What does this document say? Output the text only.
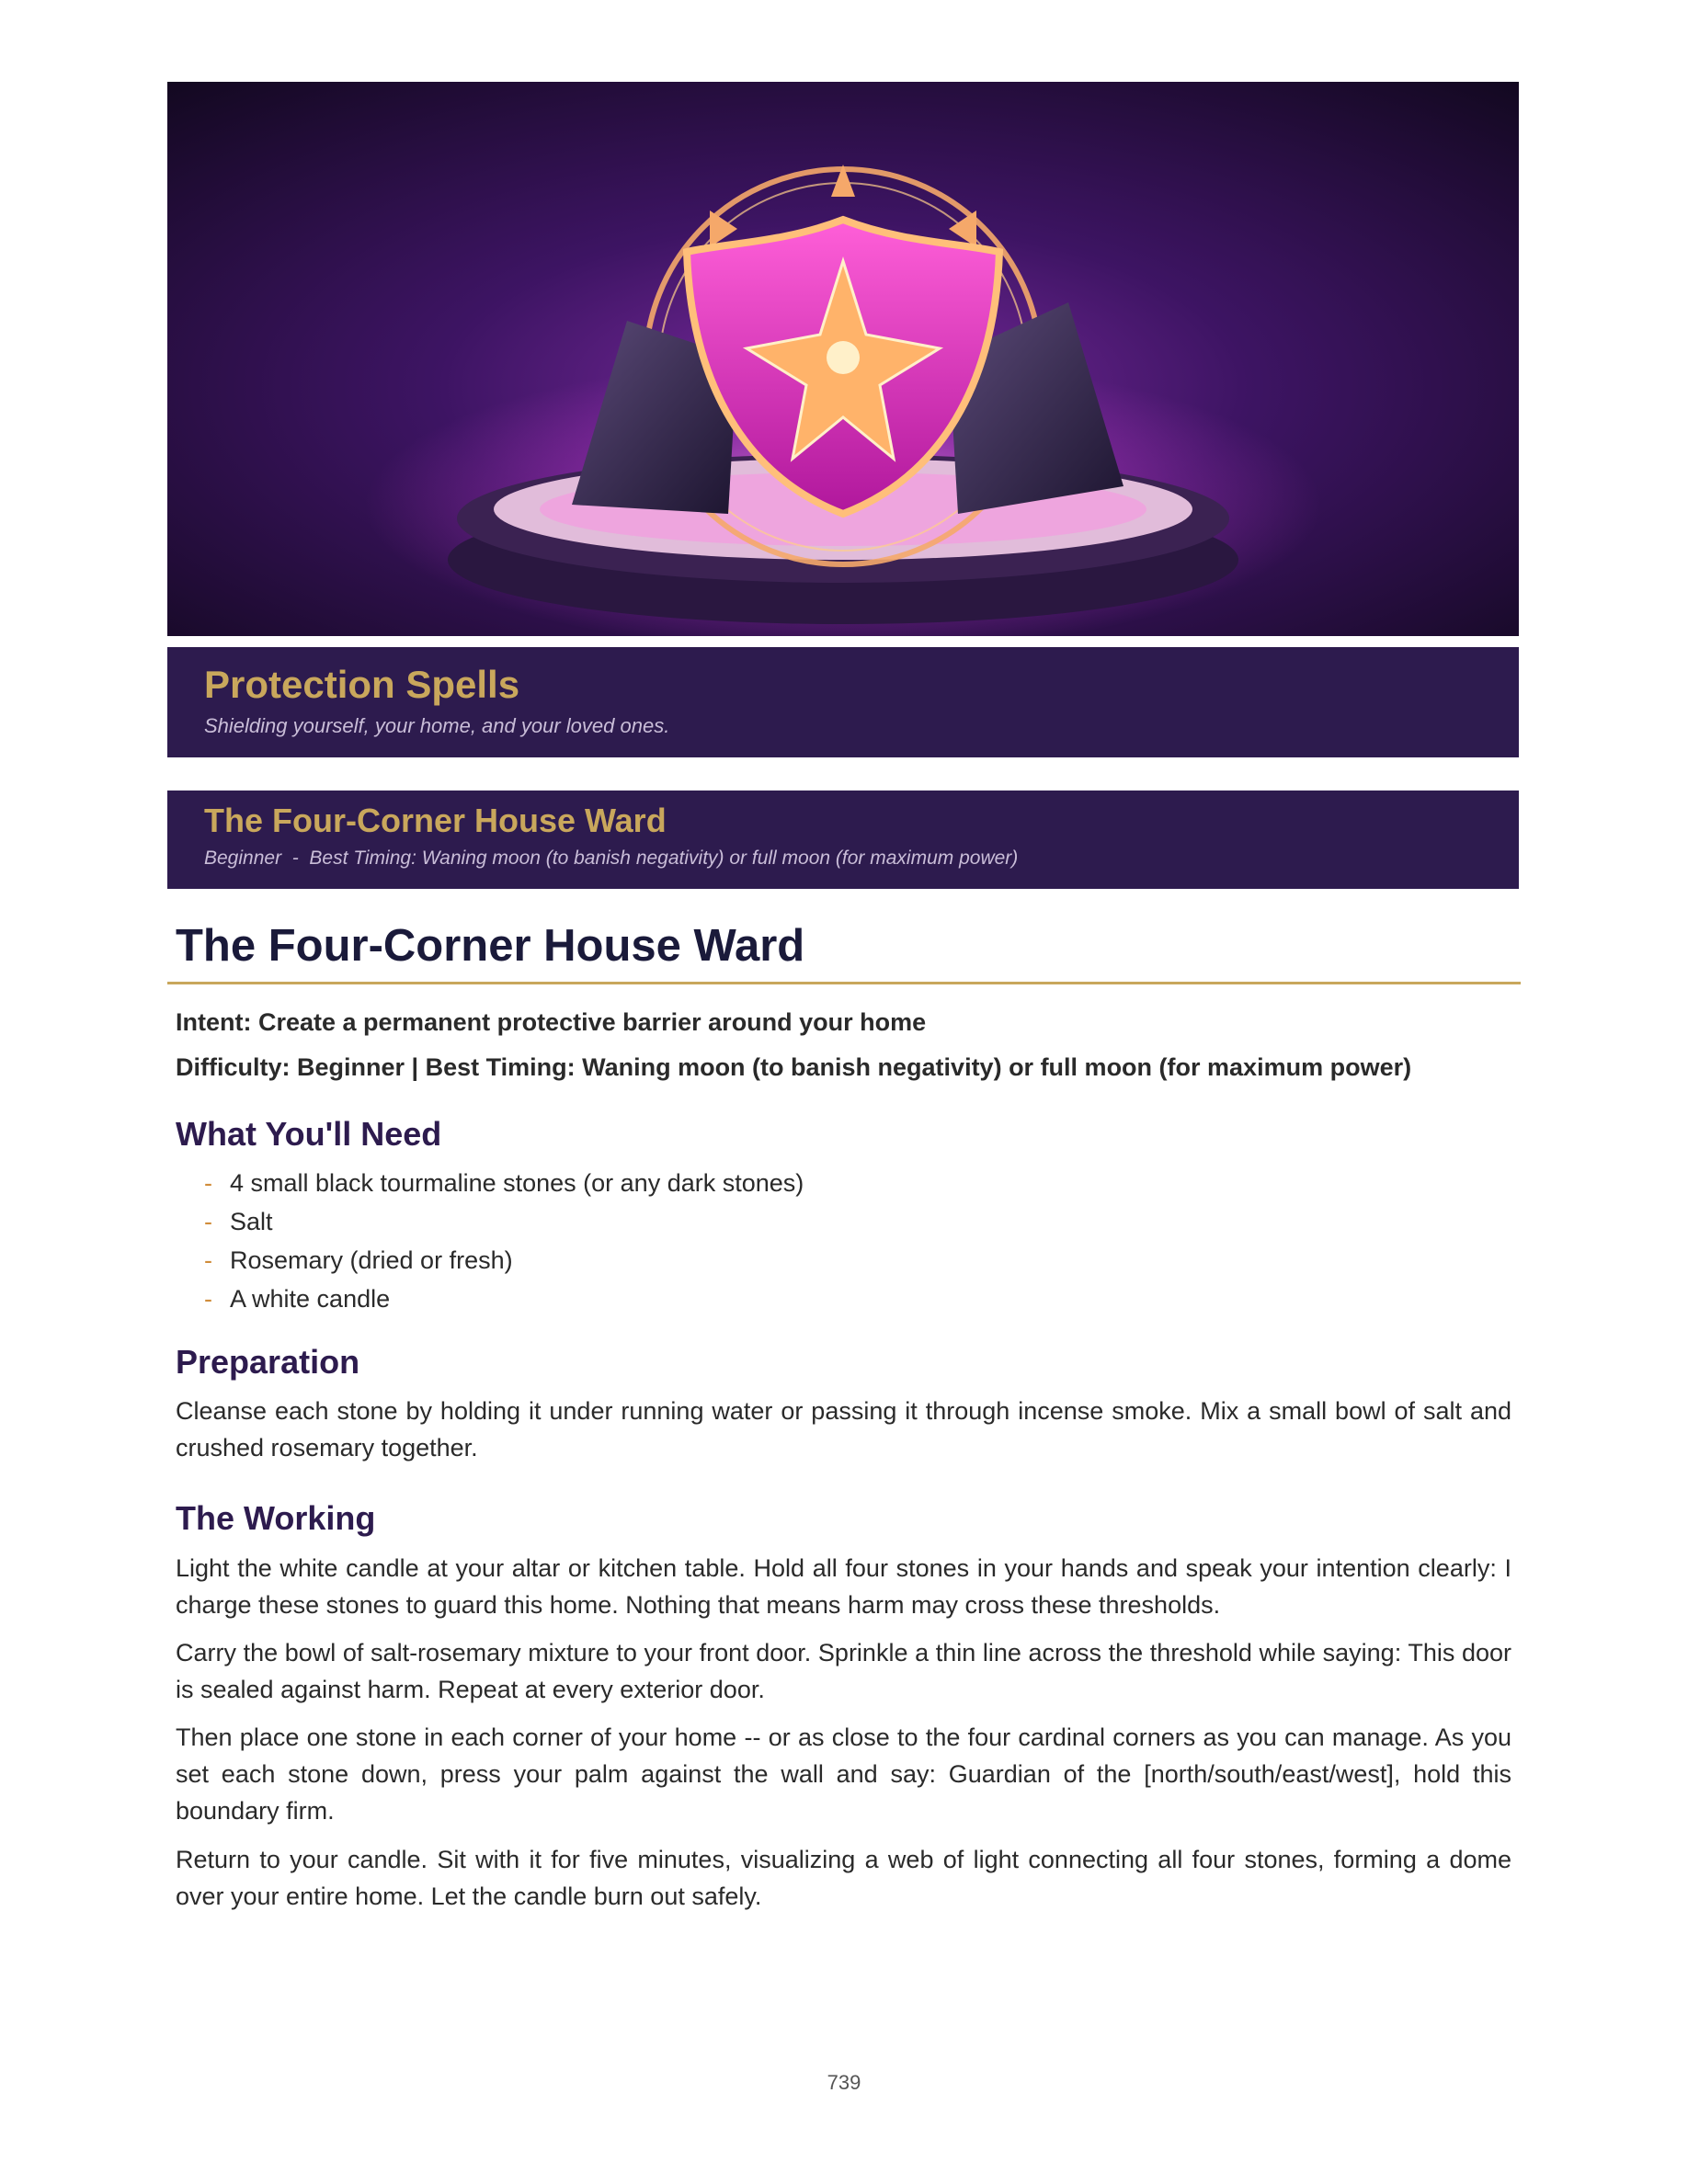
Protection Spells
Shielding yourself, your home, and your loved ones.
The Four-Corner House Ward
Beginner  -  Best Timing: Waning moon (to banish negativity) or full moon (for maximum power)
The Four-Corner House Ward
Intent: Create a permanent protective barrier around your home
Difficulty: Beginner | Best Timing: Waning moon (to banish negativity) or full moon (for maximum power)
What You'll Need
- 4 small black tourmaline stones (or any dark stones)
- Salt
- Rosemary (dried or fresh)
- A white candle
Preparation

Cleanse each stone by holding it under running water or passing it through incense smoke. Mix a small bowl of salt and crushed rosemary together.

The Working

Light the white candle at your altar or kitchen table. Hold all four stones in your hands and speak your intention clearly: I charge these stones to guard this home. Nothing that means harm may cross these thresholds.

Carry the bowl of salt-rosemary mixture to your front door. Sprinkle a thin line across the threshold while saying: This door is sealed against harm. Repeat at every exterior door.

Then place one stone in each corner of your home -- or as close to the four cardinal corners as you can manage. As you set each stone down, press your palm against the wall and say: Guardian of the [north/south/east/west], hold this boundary firm.

Return to your candle. Sit with it for five minutes, visualizing a web of light connecting all four stones, forming a dome over your entire home. Let the candle burn out safely.

739
